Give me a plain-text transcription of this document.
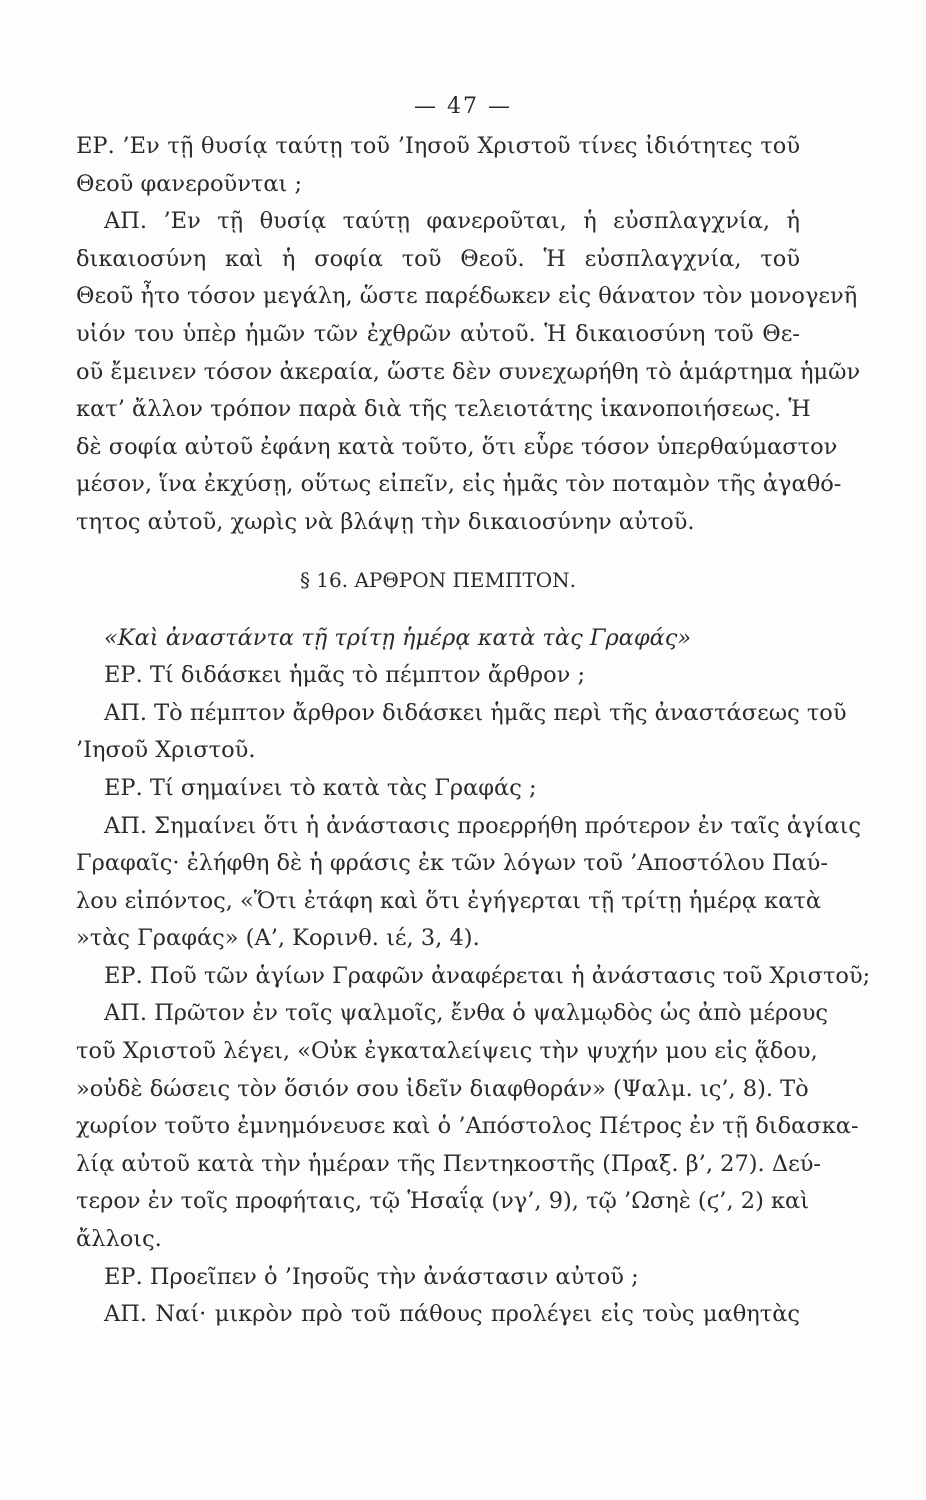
— 47 —
ΕΡ. ’Εν τῇ θυσίᾳ ταύτῃ τοῦ ’Ιησοῦ Χριστοῦ τίνες ἰδιότητες τοῦ
Θεοῦ φανεροῦνται ;
ΑΠ. ’Εν τῇ θυσίᾳ ταύτῃ φανεροῦται, ἡ εὐσπλαγχνία, ἡ
δικαιοσύνη καὶ ἡ σοφία τοῦ Θεοῦ. Ἡ εὐσπλαγχνία, τοῦ
Θεοῦ ἦτο τόσον μεγάλη, ὥστε παρέδωκεν εἰς θάνατον τὸν μονογενῆ
υἱόν του ὑπὲρ ἡμῶν τῶν ἐχθρῶν αὐτοῦ. Ἡ δικαιοσύνη τοῦ Θε-
οῦ ἔμεινεν τόσον ἀκεραία, ὥστε δὲν συνεχωρήθη τὸ ἁμάρτημα ἡμῶν
κατ’ ἄλλον τρόπον παρὰ διὰ τῆς τελειοτάτης ἱκανοποιήσεως. Ἡ
δὲ σοφία αὐτοῦ ἐφάνη κατὰ τοῦτο, ὅτι εὗρε τόσον ὑπερθαύμαστον
μέσον, ἵνα ἐκχύσῃ, οὕτως εἰπεῖν, εἰς ἡμᾶς τὸν ποταμὸν τῆς ἀγαθό-
τητος αὐτοῦ, χωρὶς νὰ βλάψῃ τὴν δικαιοσύνην αὐτοῦ.
§ 16. ΑΡΘΡΟΝ ΠΕΜΠΤΟΝ.
«Καὶ ἀναστάντα τῇ τρίτῃ ἡμέρᾳ κατὰ τὰς Γραφάς»
ΕΡ. Τί διδάσκει ἡμᾶς τὸ πέμπτον ἄρθρον ;
ΑΠ. Τὸ πέμπτον ἄρθρον διδάσκει ἡμᾶς περὶ τῆς ἀναστάσεως τοῦ
’Ιησοῦ Χριστοῦ.
ΕΡ. Τί σημαίνει τὸ κατὰ τὰς Γραφάς ;
ΑΠ. Σημαίνει ὅτι ἡ ἀνάστασις προερρήθη πρότερον ἐν ταῖς ἁγίαις
Γραφαῖς· ἐλήφθη δὲ ἡ φράσις ἐκ τῶν λόγων τοῦ ’Αποστόλου Παύ-
λου εἰπόντος, «Ὅτι ἐτάφη καὶ ὅτι ἐγήγερται τῇ τρίτῃ ἡμέρᾳ κατὰ
»τὰς Γραφάς» (Α’, Κορινθ. ιέ, 3, 4).
ΕΡ. Ποῦ τῶν ἁγίων Γραφῶν ἀναφέρεται ἡ ἀνάστασις τοῦ Χριστοῦ;
ΑΠ. Πρῶτον ἐν τοῖς ψαλμοῖς, ἔνθα ὁ ψαλμῳδὸς ὡς ἀπὸ μέρους
τοῦ Χριστοῦ λέγει, «Οὐκ ἐγκαταλείψεις τὴν ψυχήν μου εἰς ᾅδου,
»οὐδὲ δώσεις τὸν ὅσιόν σου ἰδεῖν διαφθοράν» (Ψαλμ. ις’, 8). Τὸ
χωρίον τοῦτο ἐμνημόνευσε καὶ ὁ ’Απόστολος Πέτρος ἐν τῇ διδασκα-
λίᾳ αὐτοῦ κατὰ τὴν ἡμέραν τῆς Πεντηκοστῆς (Πραξ. β’, 27). Δεύ-
τερον ἐν τοῖς προφήταις, τῷ Ἡσαΐᾳ (νγ’, 9), τῷ ’Ωσηὲ (ϛ’, 2) καὶ
ἄλλοις.
ΕΡ. Προεῖπεν ὁ ’Ιησοῦς τὴν ἀνάστασιν αὐτοῦ ;
ΑΠ. Ναί· μικρὸν πρὸ τοῦ πάθους προλέγει εἰς τοὺς μαθητὰς
